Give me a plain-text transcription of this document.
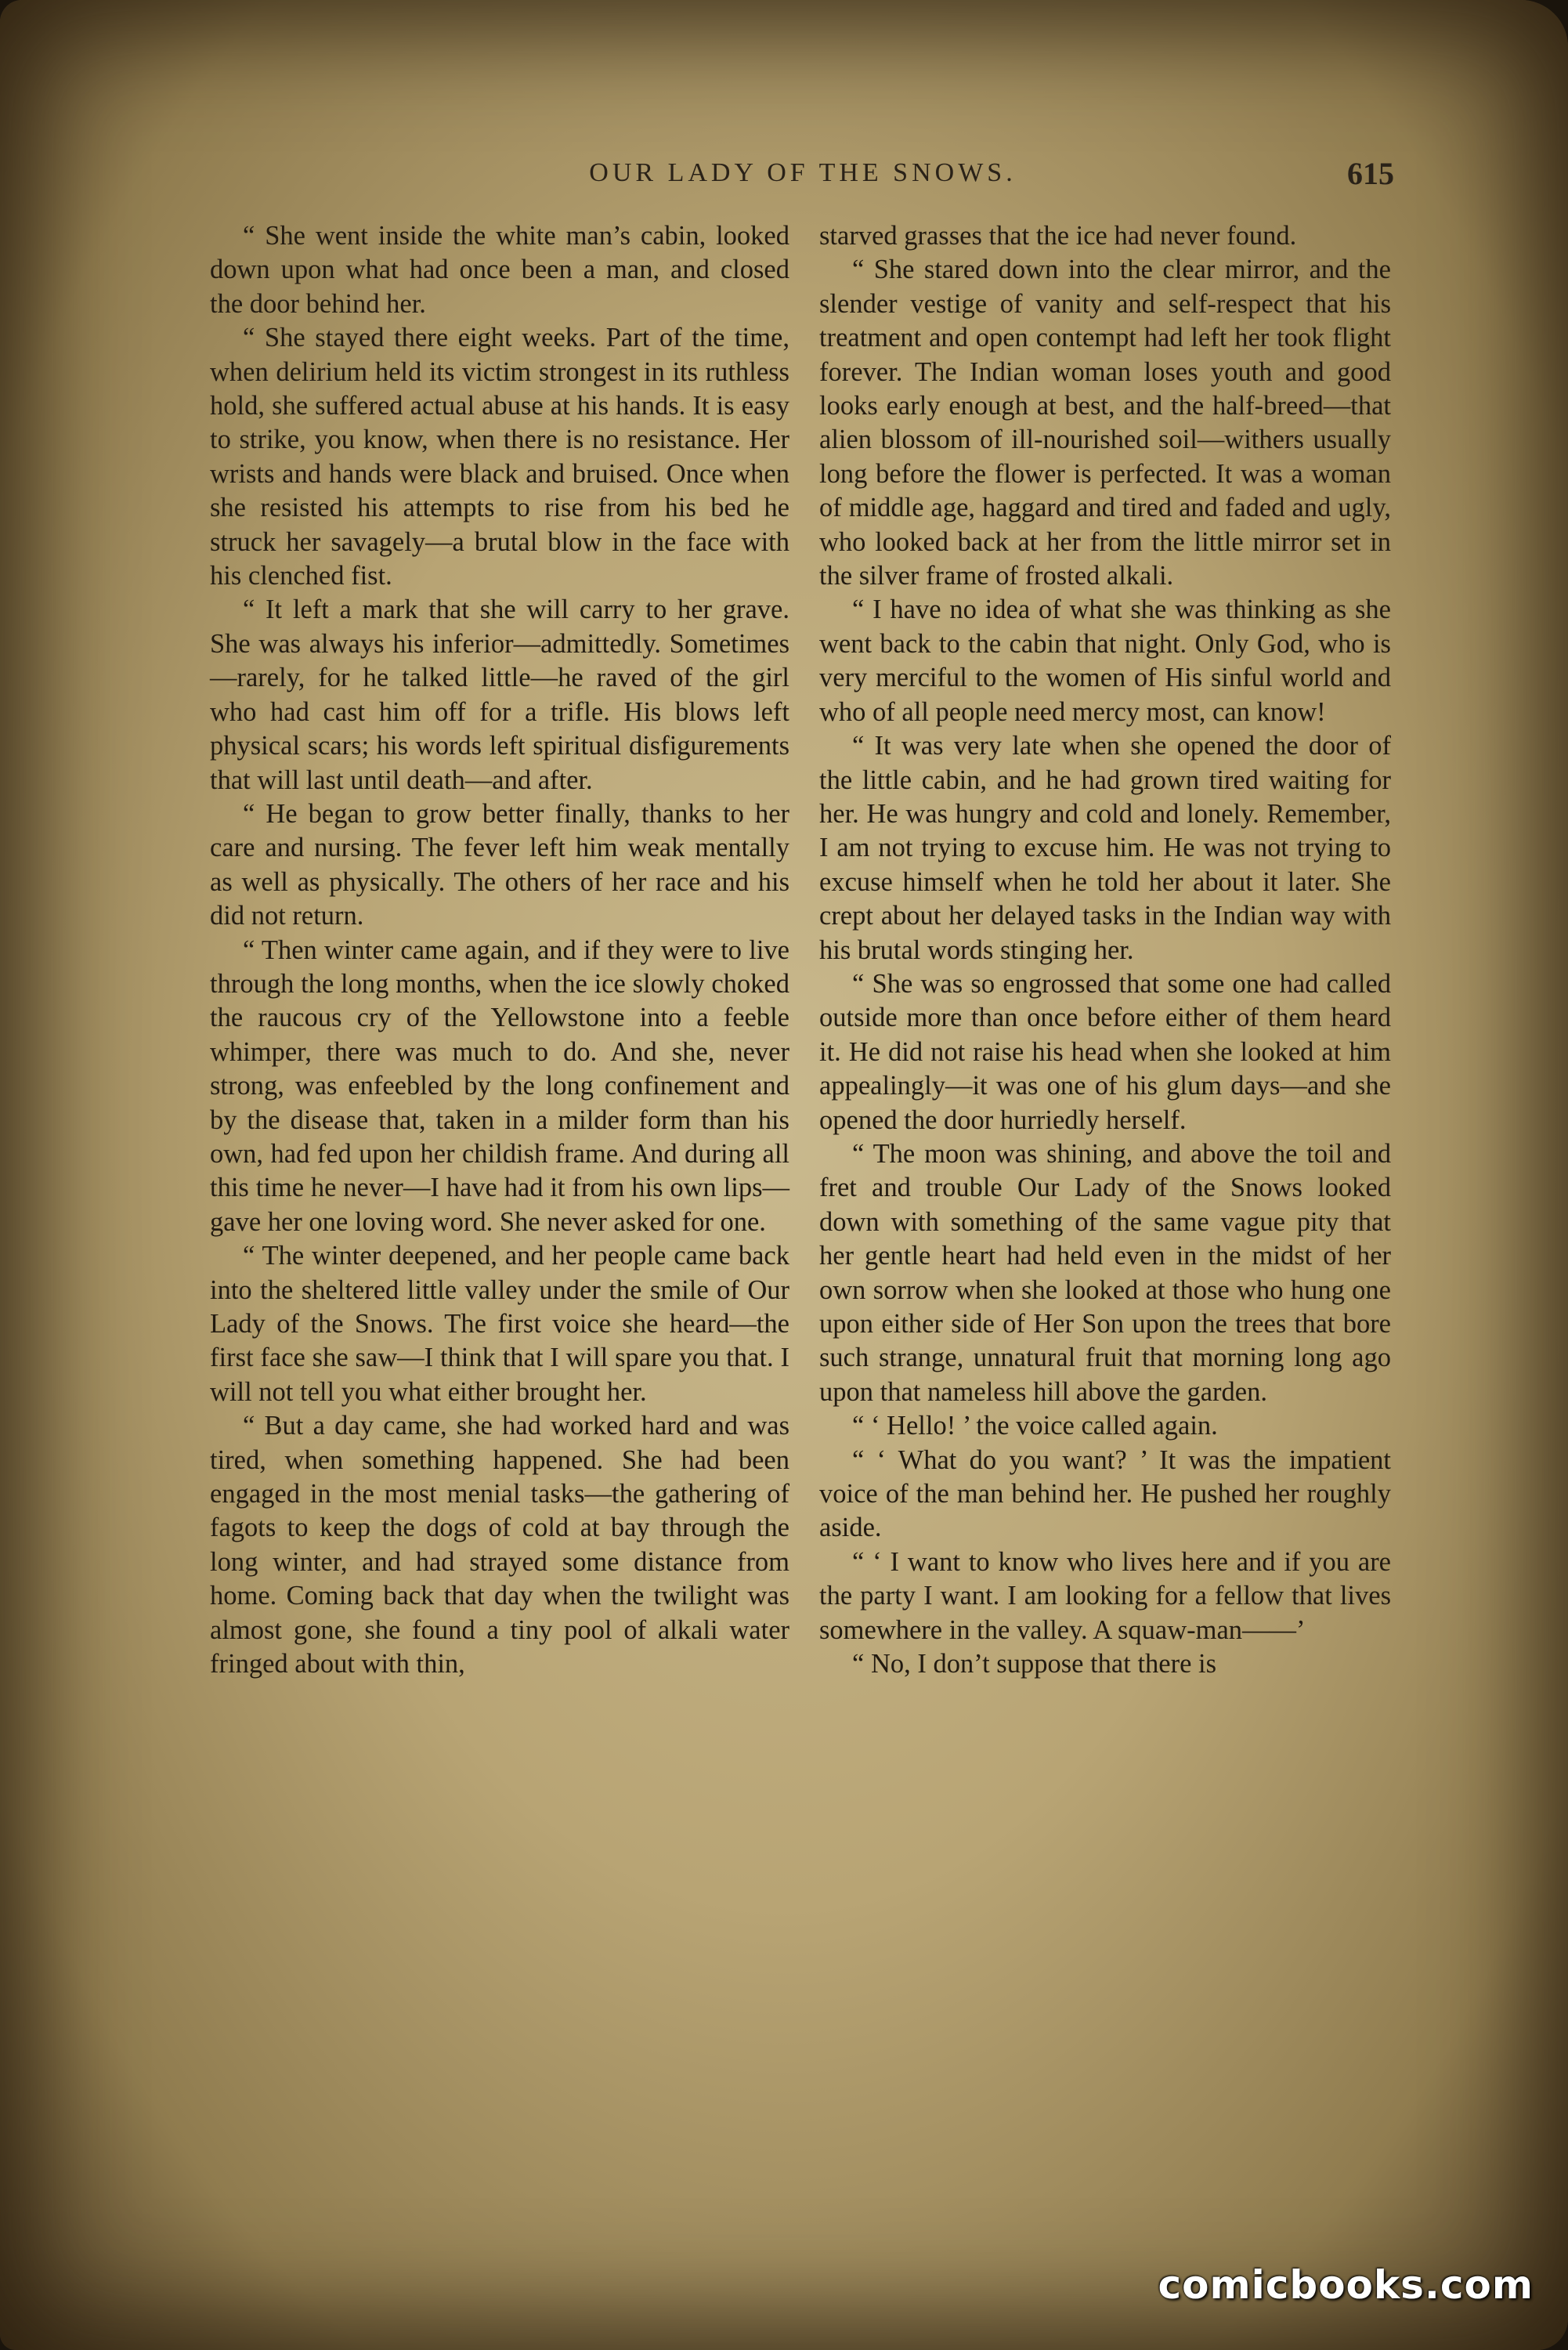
OUR LADY OF THE SNOWS.	615

“ She went inside the white man’s cabin, looked down upon what had once been a man, and closed the door behind her.

“ She stayed there eight weeks. Part of the time, when delirium held its victim strongest in its ruthless hold, she suffered actual abuse at his hands. It is easy to strike, you know, when there is no resistance. Her wrists and hands were black and bruised. Once when she resisted his attempts to rise from his bed he struck her savagely—a brutal blow in the face with his clenched fist.

“ It left a mark that she will carry to her grave. She was always his inferior—admittedly. Sometimes—rarely, for he talked little—he raved of the girl who had cast him off for a trifle. His blows left physical scars; his words left spiritual disfigurements that will last until death—and after.

“ He began to grow better finally, thanks to her care and nursing. The fever left him weak mentally as well as physically. The others of her race and his did not return.

“ Then winter came again, and if they were to live through the long months, when the ice slowly choked the raucous cry of the Yellowstone into a feeble whimper, there was much to do. And she, never strong, was enfeebled by the long confinement and by the disease that, taken in a milder form than his own, had fed upon her childish frame. And during all this time he never—I have had it from his own lips—gave her one loving word. She never asked for one.

“ The winter deepened, and her people came back into the sheltered little valley under the smile of Our Lady of the Snows. The first voice she heard—the first face she saw—I think that I will spare you that. I will not tell you what either brought her.

“ But a day came, she had worked hard and was tired, when something happened. She had been engaged in the most menial tasks—the gathering of fagots to keep the dogs of cold at bay through the long winter, and had strayed some distance from home. Coming back that day when the twilight was almost gone, she found a tiny pool of alkali water fringed about with thin,

starved grasses that the ice had never found.

“ She stared down into the clear mirror, and the slender vestige of vanity and self-respect that his treatment and open contempt had left her took flight forever. The Indian woman loses youth and good looks early enough at best, and the half-breed—that alien blossom of ill-nourished soil—withers usually long before the flower is perfected. It was a woman of middle age, haggard and tired and faded and ugly, who looked back at her from the little mirror set in the silver frame of frosted alkali.

“ I have no idea of what she was thinking as she went back to the cabin that night. Only God, who is very merciful to the women of His sinful world and who of all people need mercy most, can know!

“ It was very late when she opened the door of the little cabin, and he had grown tired waiting for her. He was hungry and cold and lonely. Remember, I am not trying to excuse him. He was not trying to excuse himself when he told her about it later. She crept about her delayed tasks in the Indian way with his brutal words stinging her.

“ She was so engrossed that some one had called outside more than once before either of them heard it. He did not raise his head when she looked at him appealingly—it was one of his glum days—and she opened the door hurriedly herself.

“ The moon was shining, and above the toil and fret and trouble Our Lady of the Snows looked down with something of the same vague pity that her gentle heart had held even in the midst of her own sorrow when she looked at those who hung one upon either side of Her Son upon the trees that bore such strange, unnatural fruit that morning long ago upon that nameless hill above the garden.

“ ‘ Hello! ’ the voice called again.

“ ‘ What do you want? ’ It was the impatient voice of the man behind her. He pushed her roughly aside.

“ ‘ I want to know who lives here and if you are the party I want. I am looking for a fellow that lives somewhere in the valley. A squaw-man——’

“ No, I don’t suppose that there is

comicbooks.com
